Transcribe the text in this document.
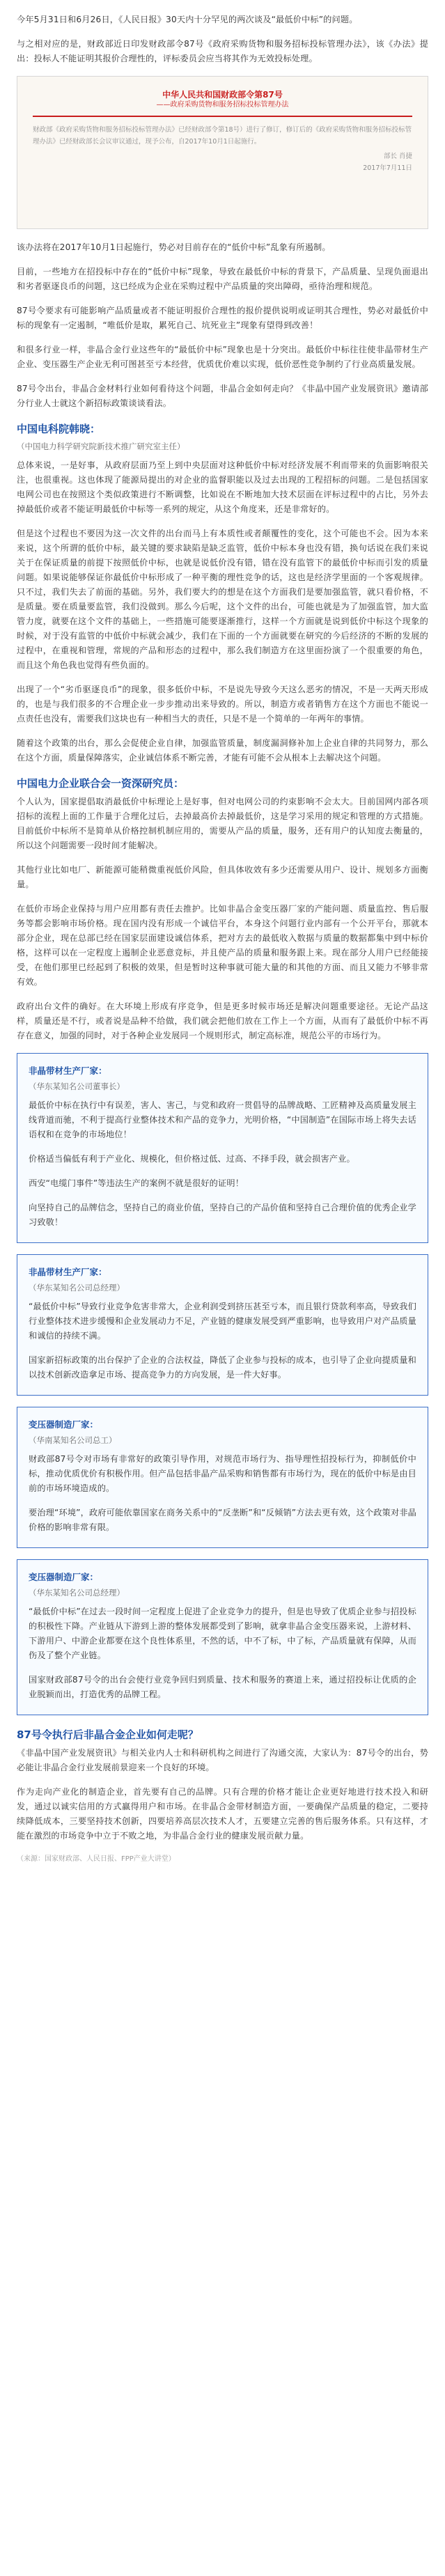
今年5月31日和6月26日，《人民日报》30天内十分罕见的两次谈及“最低价中标”的问题。

与之相对应的是，财政部近日印发财政部令87号《政府采购货物和服务招标投标管理办法》，该《办法》提出：投标人不能证明其报价合理性的，评标委员会应当将其作为无效投标处理。

中华人民共和国财政部令第87号
——政府采购货物和服务招标投标管理办法

财政部《政府采购货物和服务招标投标管理办法》已经财政部令第18号）进行了修订，修订后的《政府采购货物和服务招标投标管理办法》已经财政部长会议审议通过，现予公布，自2017年10月1日起施行。

部长 肖捷
2017年7月11日

该办法将在2017年10月1日起施行，势必对目前存在的“低价中标”乱象有所遏制。

目前，一些地方在招投标中存在的“低价中标”现象，导致在最低价中标的背景下，产品质量、呈现负面退出和劣者驱逐良币的问题，这已经成为企业在采购过程中产品质量的突出障碍，亟待治理和规范。

87号令要求有可能影响产品质量或者不能证明报价合理性的报价提供说明或证明其合理性，势必对最低价中标的现象有一定遏制，“唯低价是取，累死自己、坑死业主”现象有望得到改善！

和很多行业一样，非晶合金行业这些年的“最低价中标”现象也是十分突出。最低价中标往往使非晶带材生产企业、变压器生产企业无利可图甚至亏本经营，优质优价难以实现，低价恶性竞争制约了行业高质量发展。

87号令出台，非晶合金材料行业如何看待这个问题，非晶合金如何走向？《非晶中国产业发展资讯》邀请部分行业人士就这个新招标政策谈谈看法。

中国电科院韩晓：
（中国电力科学研究院新技术推广研究室主任）

总体来说，一是好事，从政府层面乃至上到中央层面对这种低价中标对经济发展不利而带来的负面影响很关注，也很重视。这也体现了能源局提出的对企业的监督职能以及过去出现的工程招标的问题。二是包括国家电网公司也在按照这个类似政策进行不断调整，比如说在不断地加大技术层面在评标过程中的占比，另外去掉最低价或者不能证明最低价中标等一系列的规定，从这个角度来，还是非常好的。

但是这个过程也不要因为这一次文件的出台而马上有本质性或者颠覆性的变化，这个可能也不会。因为本来来说，这个所谓的低价中标，最关键的要求缺陷是缺乏监管，低价中标本身也没有错，换句话说在我们来说关于在保证质量的前提下按照低价中标，也就是说低价没有错，错在没有监管下的最低价中标而引发的质量问题。如果说能够保证你最低价中标形成了一种平衡的理性竞争的话，这也是经济学里面的一个客观规律。只不过，我们失去了前面的基础。另外，我们要大约的想是在这个方面我们是要加强监管，就只看价格，不是质量。要在质量要监管，我们没做到。那么今后呢，这个文件的出台，可能也就是为了加强监管，加大监管力度，就要在这个文件的基础上，一些措施可能要逐渐推行，这样一个方面就是说到低价中标这个现象的时候，对于没有监管的中低价中标就会减少，我们在下面的一个方面就要在研究的今后经济的不断的发展的过程中，在重视和管理，常规的产品和形态的过程中，那么我们制造方在这里面扮演了一个很重要的角色，而且这个角色我也觉得有些负面的。

出现了一个“劣币驱逐良币”的现象，很多低价中标，不是说先导致今天这么恶劣的情况，不是一天两天形成的，也是与我们很多的不合理企业一步步推动出来导致的。所以，制造方或者销售方在这个方面也不能说一点责任也没有，需要我们这块也有一种相当大的责任，只是不是一个简单的一年两年的事情。

随着这个政策的出台，那么会促使企业自律，加强监管质量，制度漏洞修补加上企业自律的共同努力，那么在这个方面，质量保障落实，企业诚信体系不断完善，才能有可能不会从根本上去解决这个问题。

中国电力企业联合会一资深研究员：

个人认为，国家提倡取消最低价中标理论上是好事，但对电网公司的约束影响不会太大。目前国网内部各项招标的流程上面的工作量于合理化过后，去掉最高价去掉最低价，这是学习采用的规定和管理的方式措施。目前低价中标所不是简单从价格控制机制应用的，需要从产品的质量，服务，还有用户的认知度去衡量的，所以这个问题需要一段时间才能解决。

其他行业比如电厂、新能源可能稍微重视低价风险，但具体收效有多少还需要从用户、设计、规划多方面衡量。

在低价市场企业保持与用户应用都有责任去推护。比如非晶合金变压器厂家的产能问题、质量监控、售后服务等都会影响市场价格。现在国内没有形成一个诚信平台，本身这个问题行业内部有一个公开平台，那就本部分企业，现在总部已经在国家层面建设诚信体系，把对方去的最低收入数据与质量的数据都集中到中标价格，这样可以在一定程度上遏制企业恶意竞标，并且使产品的质量和服务跟上来。现在部分人用户已经能接受，在他们那里已经起到了积极的效果，但是暂时这种事就可能大量的和其他的方面、而且又能力不够非常有效。

政府出台文件的确好。在大环境上形成有序竞争，但是更多时候市场还是解决问题重要途径。无论产品这样，质量还是不行，或者说是品种不给做，我们就会把他们放在工作上一个方面，从而有了最低价中标不再存在意义，加强的同时，对于各种企业发展同一个规则形式，制定高标准，规范公平的市场行为。

非晶带材生产厂家：
（华东某知名公司董事长）

最低价中标在执行中有误差，害人、害己，与党和政府一贯倡导的品牌战略、工匠精神及高质量发展主线背道而驰，不利于提高行业整体技术和产品的竞争力，光明价格，“中国制造”在国际市场上将失去话语权和在竞争的市场地位！

价格适当偏低有利于产业化、规模化，但价格过低、过高、不择手段，就会损害产业。

西安“电缆门事件”等违法生产的案例不就是很好的证明！

向坚持自己的品牌信念，坚持自己的商业价值，坚持自己的产品价值和坚持自己合理价值的优秀企业学习致敬！

非晶带材生产厂家：
（华东某知名公司总经理）

“最低价中标”导致行业竞争危害非常大，企业利润受到挤压甚至亏本，而且银行贷款利率高，导致我们行业整体技术进步缓慢和企业发展动力不足，产业链的健康发展受到严重影响，也导致用户对产品质量和诚信的持续不满。

国家新招标政策的出台保护了企业的合法权益，降低了企业参与投标的成本，也引导了企业向提质量和以技术创新改造拿足市场、提高竞争力的方向发展，是一件大好事。

变压器制造厂家：
（华南某知名公司总工）

财政部87号令对市场有非常好的政策引导作用，对规范市场行为、指导理性招投标行为，抑制低价中标，推动优质优价有积极作用。但产品包括非晶产品采购和销售都有市场行为，现在的低价中标是由目前的市场环境造成的。

要治理“环境”，政府可能依靠国家在商务关系中的“反垄断”和“反倾销”方法去更有效，这个政策对非晶价格的影响非常有限。

变压器制造厂家：
（华东某知名公司总经理）

“最低价中标”在过去一段时间一定程度上促进了企业竞争力的提升，但是也导致了优质企业参与招投标的积极性下降。产业链从下游到上游的整体发展都受到了影响，就拿非晶合金变压器来说，上游材料、下游用户、中游企业都要在这个良性体系里，不然的话，中不了标，中了标，产品质量就有保障，从而伤及了整个产业链。

国家财政部87号令的出台会使行业竞争回归到质量、技术和服务的赛道上来，通过招投标让优质的企业脱颖而出，打造优秀的品牌工程。

87号令执行后非晶合金企业如何走呢？

《非晶中国产业发展资讯》与相关业内人士和科研机构之间进行了沟通交流，大家认为：87号令的出台，势必能让非晶合金行业发展前景迎来一个良好的环境。

作为走向产业化的制造企业，首先要有自己的品牌。只有合理的价格才能让企业更好地进行技术投入和研发，通过以诚实信用的方式赢得用户和市场。在非晶合金带材制造方面，一要确保产品质量的稳定，二要持续降低成本，三要坚持技术创新，四要培养高层次技术人才，五要建立完善的售后服务体系。只有这样，才能在激烈的市场竞争中立于不败之地，为非晶合金行业的健康发展贡献力量。

（来源：国家财政部、人民日报、FPP产业大讲堂）
